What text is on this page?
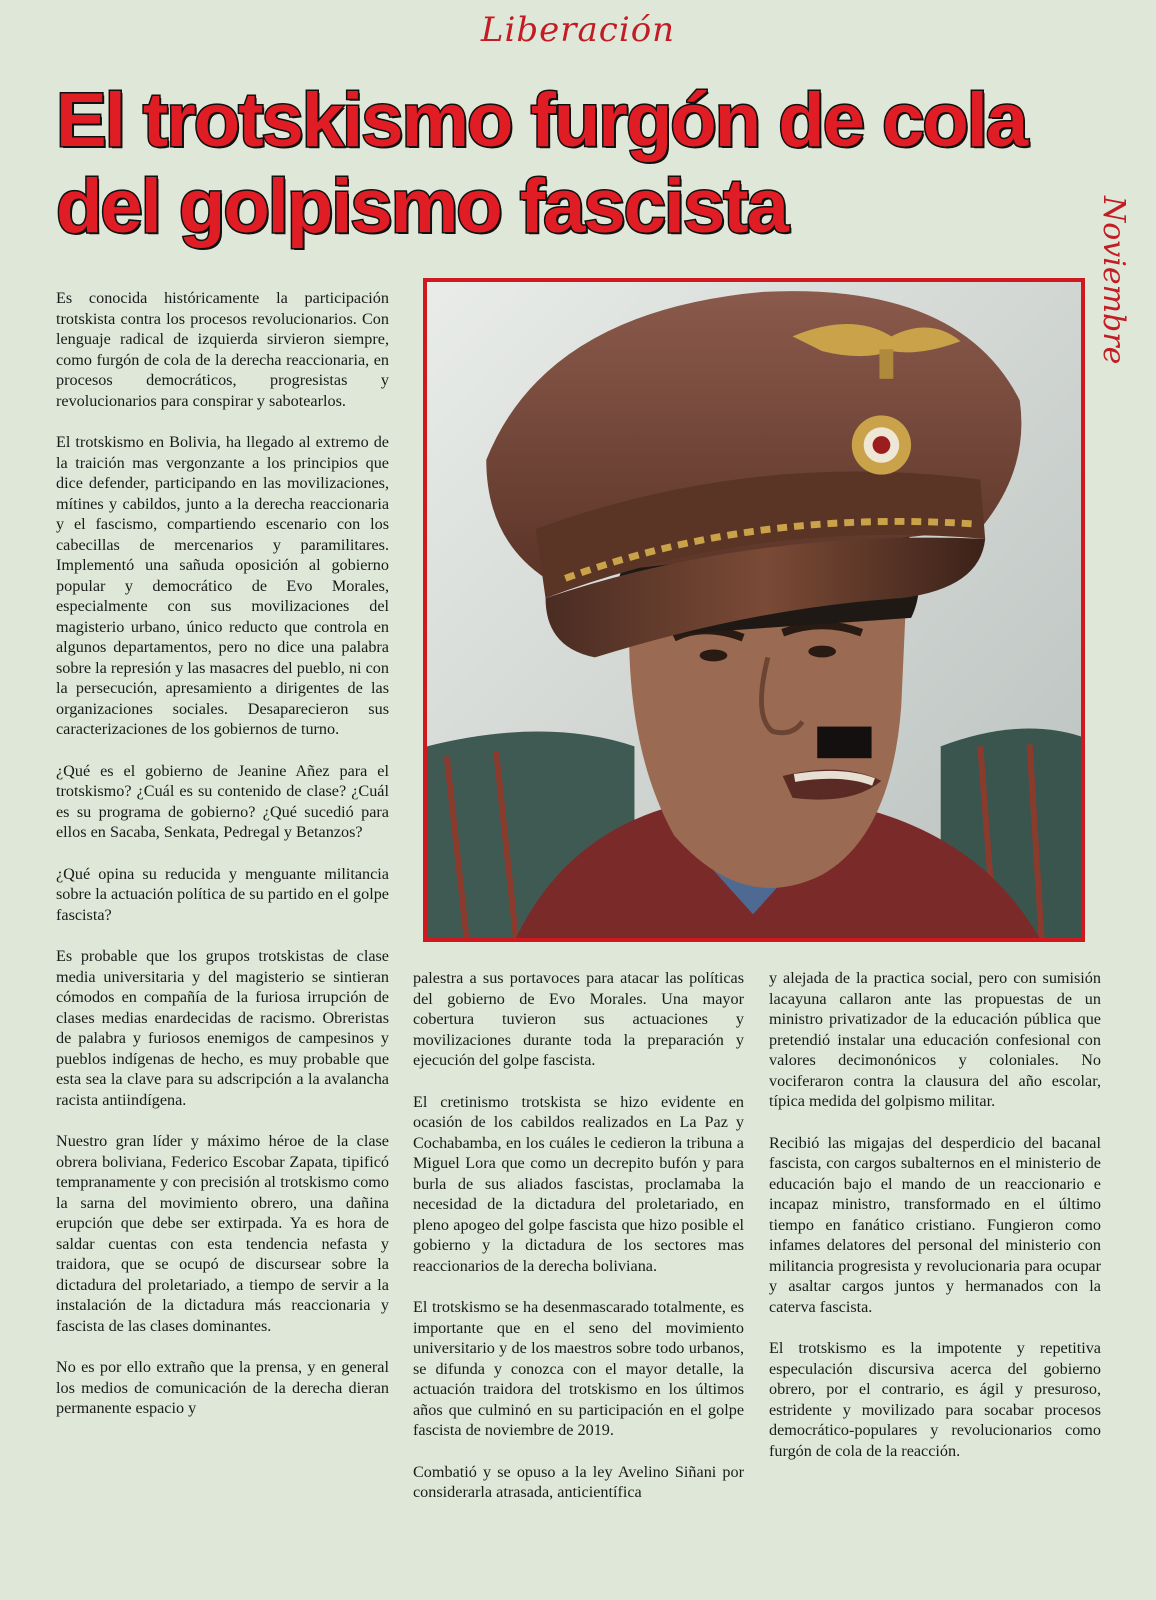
Liberación
El trotskismo furgón de cola
del golpismo fascista	Noviembre

Es conocida históricamente la participación trotskista contra los procesos revolucionarios. Con lenguaje radical de izquierda sirvieron siempre, como furgón de cola de la derecha reaccionaria, en procesos democráticos, progresistas y revolucionarios para conspirar y sabotearlos.

El trotskismo en Bolivia, ha llegado al extremo de la traición mas vergonzante a los principios que dice defender, participando en las movilizaciones, mítines y cabildos, junto a la derecha reaccionaria y el fascismo, compartiendo escenario con los cabecillas de mercenarios y paramilitares. Implementó una sañuda oposición al gobierno popular y democrático de Evo Morales, especialmente con sus movilizaciones del magisterio urbano, único reducto que controla en algunos departamentos, pero no dice una palabra sobre la represión y las masacres del pueblo, ni con la persecución, apresamiento a dirigentes de las organizaciones sociales. Desaparecieron sus caracterizaciones de los gobiernos de turno.

¿Qué es el gobierno de Jeanine Añez para el trotskismo? ¿Cuál es su contenido de clase? ¿Cuál es su programa de gobierno? ¿Qué sucedió para ellos en Sacaba, Senkata, Pedregal y Betanzos?

¿Qué opina su reducida y menguante militancia sobre la actuación política de su partido en el golpe fascista?

Es probable que los grupos trotskistas de clase media universitaria y del magisterio se sintieran cómodos en compañía de la furiosa irrupción de clases medias enardecidas de racismo. Obreristas de palabra y furiosos enemigos de campesinos y pueblos indígenas de hecho, es muy probable que esta sea la clave para su adscripción a la avalancha racista antiindígena.

Nuestro gran líder y máximo héroe de la clase obrera boliviana, Federico Escobar Zapata, tipificó tempranamente y con precisión al trotskismo como la sarna del movimiento obrero, una dañina erupción que debe ser extirpada. Ya es hora de saldar cuentas con esta tendencia nefasta y traidora, que se ocupó de discursear sobre la dictadura del proletariado, a tiempo de servir a la instalación de la dictadura más reaccionaria y fascista de las clases dominantes.

No es por ello extraño que la prensa, y en general los medios de comunicación de la derecha dieran permanente espacio y

palestra a sus portavoces para atacar las políticas del gobierno de Evo Morales. Una mayor cobertura tuvieron sus actuaciones y movilizaciones durante toda la preparación y ejecución del golpe fascista.

El cretinismo trotskista se hizo evidente en ocasión de los cabildos realizados en La Paz y Cochabamba, en los cuáles le cedieron la tribuna a Miguel Lora que como un decrepito bufón y para burla de sus aliados fascistas, proclamaba la necesidad de la dictadura del proletariado, en pleno apogeo del golpe fascista que hizo posible el gobierno y la dictadura de los sectores mas reaccionarios de la derecha boliviana.

El trotskismo se ha desenmascarado totalmente, es importante que en el seno del movimiento universitario y de los maestros sobre todo urbanos, se difunda y conozca con el mayor detalle, la actuación traidora del trotskismo en los últimos años que culminó en su participación en el golpe fascista de noviembre de 2019.

Combatió y se opuso a la ley Avelino Siñani por considerarla atrasada, anticientífica

y alejada de la practica social, pero con sumisión lacayuna callaron ante las propuestas de un ministro privatizador de la educación pública que pretendió instalar una educación confesional con valores decimonónicos y coloniales. No vociferaron contra la clausura del año escolar, típica medida del golpismo militar.

Recibió las migajas del desperdicio del bacanal fascista, con cargos subalternos en el ministerio de educación bajo el mando de un reaccionario e incapaz ministro, transformado en el último tiempo en fanático cristiano. Fungieron como infames delatores del personal del ministerio con militancia progresista y revolucionaria para ocupar y asaltar cargos juntos y hermanados con la caterva fascista.

El trotskismo es la impotente y repetitiva especulación discursiva acerca del gobierno obrero, por el contrario, es ágil y presuroso, estridente y movilizado para socabar procesos democrático-populares y revolucionarios como furgón de cola de la reacción.
